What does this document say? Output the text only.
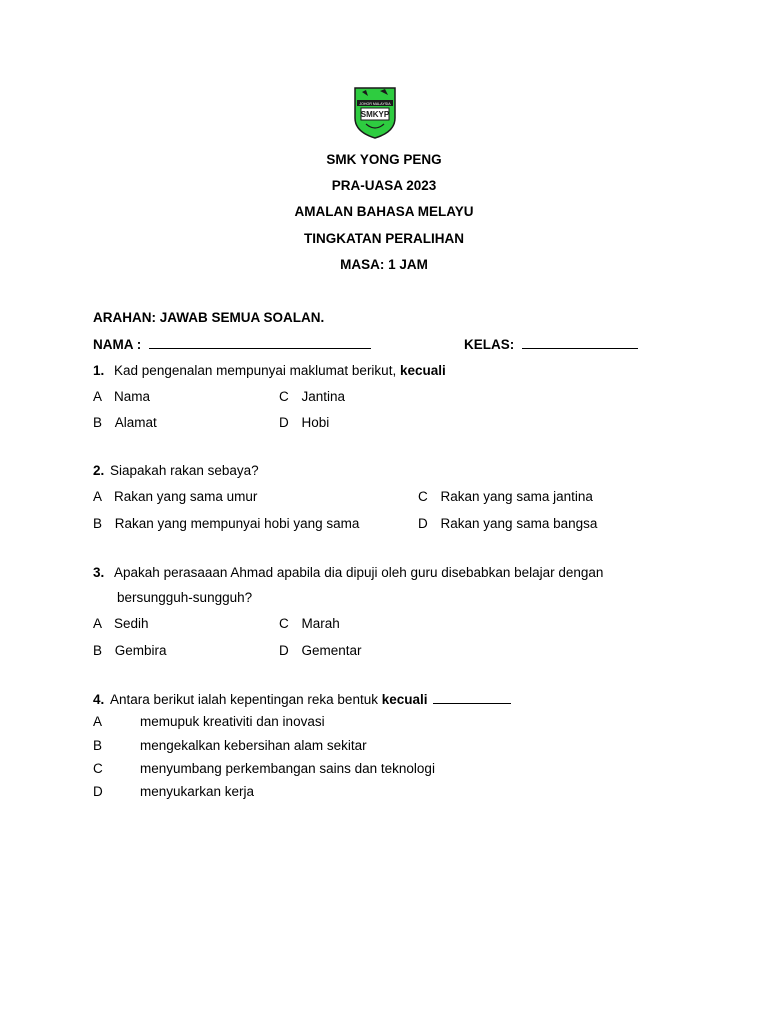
SMKYP
JOHOR MALAYSIA
SMK YONG PENG
PRA-UASA 2023
AMALAN BAHASA MELAYU
TINGKATAN PERALIHAN
MASA: 1 JAM
ARAHAN: JAWAB SEMUA SOALAN.
NAMA :	KELAS:
1. Kad pengenalan mempunyai maklumat berikut, kecuali
A Nama	C Jantina
B Alamat	D Hobi
2. Siapakah rakan sebaya?
A Rakan yang sama umur	C Rakan yang sama jantina
B Rakan yang mempunyai hobi yang sama	D Rakan yang sama bangsa
3. Apakah perasaaan Ahmad apabila dia dipuji oleh guru disebabkan belajar dengan
bersungguh-sungguh?
A Sedih	C Marah
B Gembira	D Gementar
4. Antara berikut ialah kepentingan reka bentuk kecuali
A	memupuk kreativiti dan inovasi
B	mengekalkan kebersihan alam sekitar
C	menyumbang perkembangan sains dan teknologi
D	menyukarkan kerja
